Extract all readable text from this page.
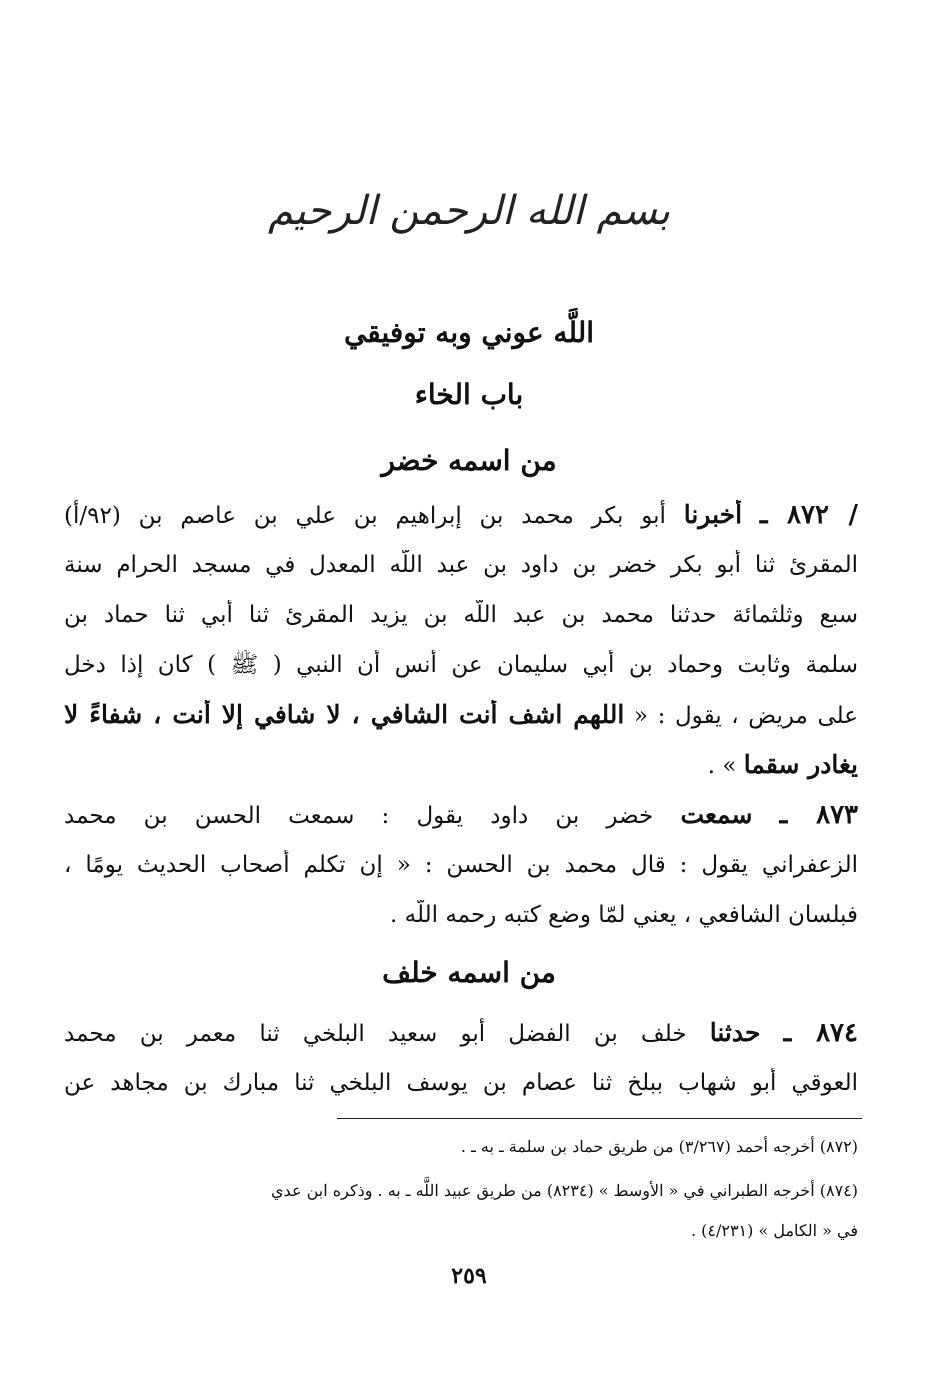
بسم الله الرحمن الرحيم
اللَّه عوني وبه توفيقي
باب الخاء
من اسمه خضر
/ ٨٧٢ ـ أخبرنا أبو بكر محمد بن إبراهيم بن علي بن عاصم بن (٩٢/أ)
المقرئ ثنا أبو بكر خضر بن داود بن عبد اللَّه المعدل في مسجد الحرام سنة
سبع وثلثمائة حدثنا محمد بن عبد اللَّه بن يزيد المقرئ ثنا أبي ثنا حماد بن
سلمة وثابت وحماد بن أبي سليمان عن أنس أن النبي ( ﷺ ) كان إذا دخل
على مريض ، يقول : « اللهم اشف أنت الشافي ، لا شافي إلا أنت ، شفاءً لا
يغادر سقما » .
٨٧٣ ـ سمعت خضر بن داود يقول : سمعت الحسن بن محمد
الزعفراني يقول : قال محمد بن الحسن : « إن تكلم أصحاب الحديث يومًا ،
فبلسان الشافعي ، يعني لمّا وضع كتبه رحمه اللَّه .
من اسمه خلف
٨٧٤ ـ حدثنا خلف بن الفضل أبو سعيد البلخي ثنا معمر بن محمد
العوقي أبو شهاب ببلخ ثنا عصام بن يوسف البلخي ثنا مبارك بن مجاهد عن
(٨٧٢) أخرجه أحمد (٣/٢٦٧) من طريق حماد بن سلمة ـ به ـ .
(٨٧٤) أخرجه الطبراني في « الأوسط » (٨٢٣٤) من طريق عبيد اللَّه ـ به . وذكره ابن عدي
في « الكامل » (٤/٢٣١) .
٢٥٩
